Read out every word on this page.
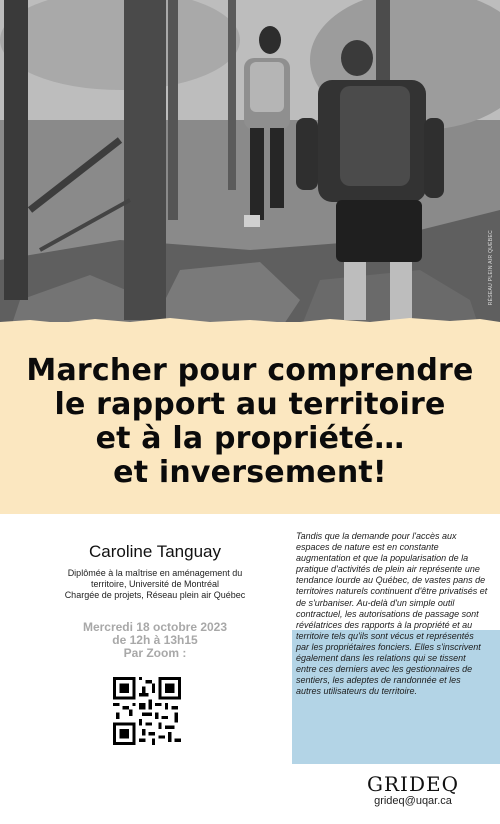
RÉSEAU PLEIN AIR QUÉBEC
Marcher pour comprendre
le rapport au territoire
et à la propriété…
et inversement!

Caroline Tanguay

Diplômée à la maîtrise en aménagement du

territoire, Université de Montréal

Chargée de projets, Réseau plein air Québec

Mercredi 18 octobre 2023
de 12h à 13h15
Par Zoom :

Tandis que la demande pour l'accès aux espaces de nature est en constante augmentation et que la popularisation de la pratique d'activités de plein air représente une tendance lourde au Québec, de vastes pans de territoires naturels continuent d'être privatisés et de s'urbaniser. Au-delà d'un simple outil contractuel, les autorisations de passage sont révélatrices des rapports à la propriété et au territoire tels qu'ils sont vécus et représentés par les propriétaires fonciers. Elles s'inscrivent également dans les relations qui se tissent entre ces derniers avec les gestionnaires de sentiers, les adeptes de randonnée et les autres utilisateurs du territoire.

GRIDEQ
grideq@uqar.ca
